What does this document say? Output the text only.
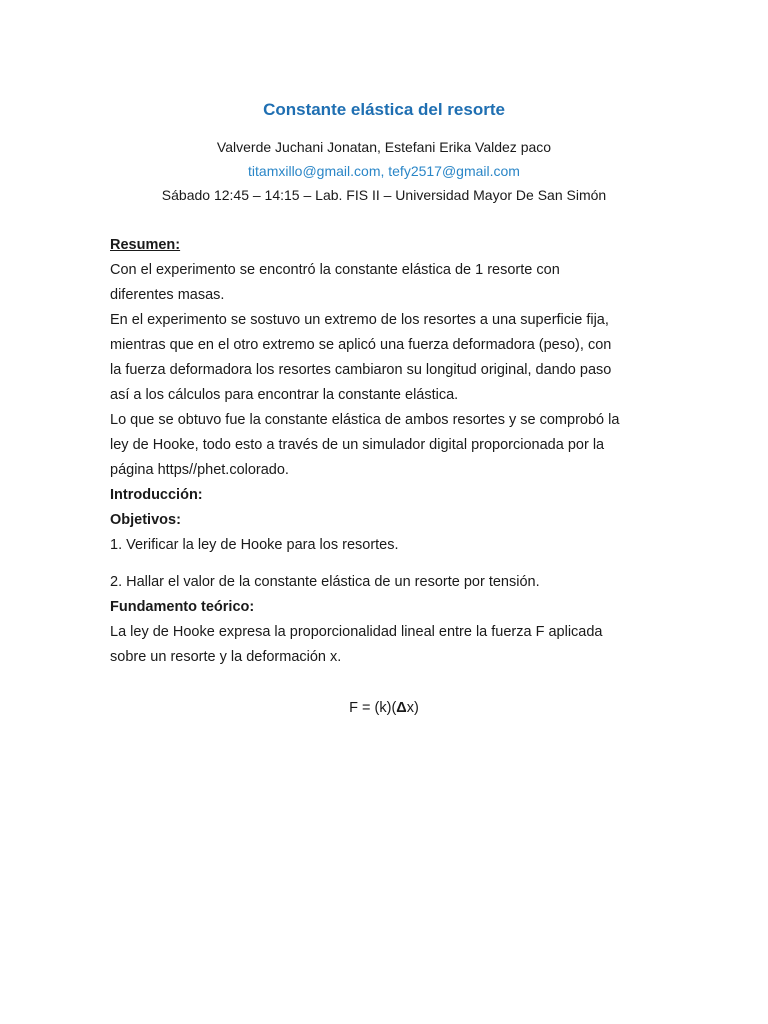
Constante elástica del resorte
Valverde Juchani Jonatan, Estefani Erika Valdez paco
titamxillo@gmail.com, tefy2517@gmail.com
Sábado 12:45 – 14:15 – Lab. FIS II – Universidad Mayor De San Simón
Resumen:
Con el experimento se encontró la constante elástica de 1 resorte con
diferentes masas.
En el experimento se sostuvo un extremo de los resortes a una superficie fija,
mientras que en el otro extremo se aplicó una fuerza deformadora (peso), con
la fuerza deformadora los resortes cambiaron su longitud original, dando paso
así a los cálculos para encontrar la constante elástica.
Lo que se obtuvo fue la constante elástica de ambos resortes y se comprobó la
ley de Hooke, todo esto a través de un simulador digital proporcionada por la
página https//phet.colorado.
Introducción:
Objetivos:
1. Verificar la ley de Hooke para los resortes.
2. Hallar el valor de la constante elástica de un resorte por tensión.
Fundamento teórico:
La ley de Hooke expresa la proporcionalidad lineal entre la fuerza F aplicada
sobre un resorte y la deformación x.
F = (k)(Δx)
